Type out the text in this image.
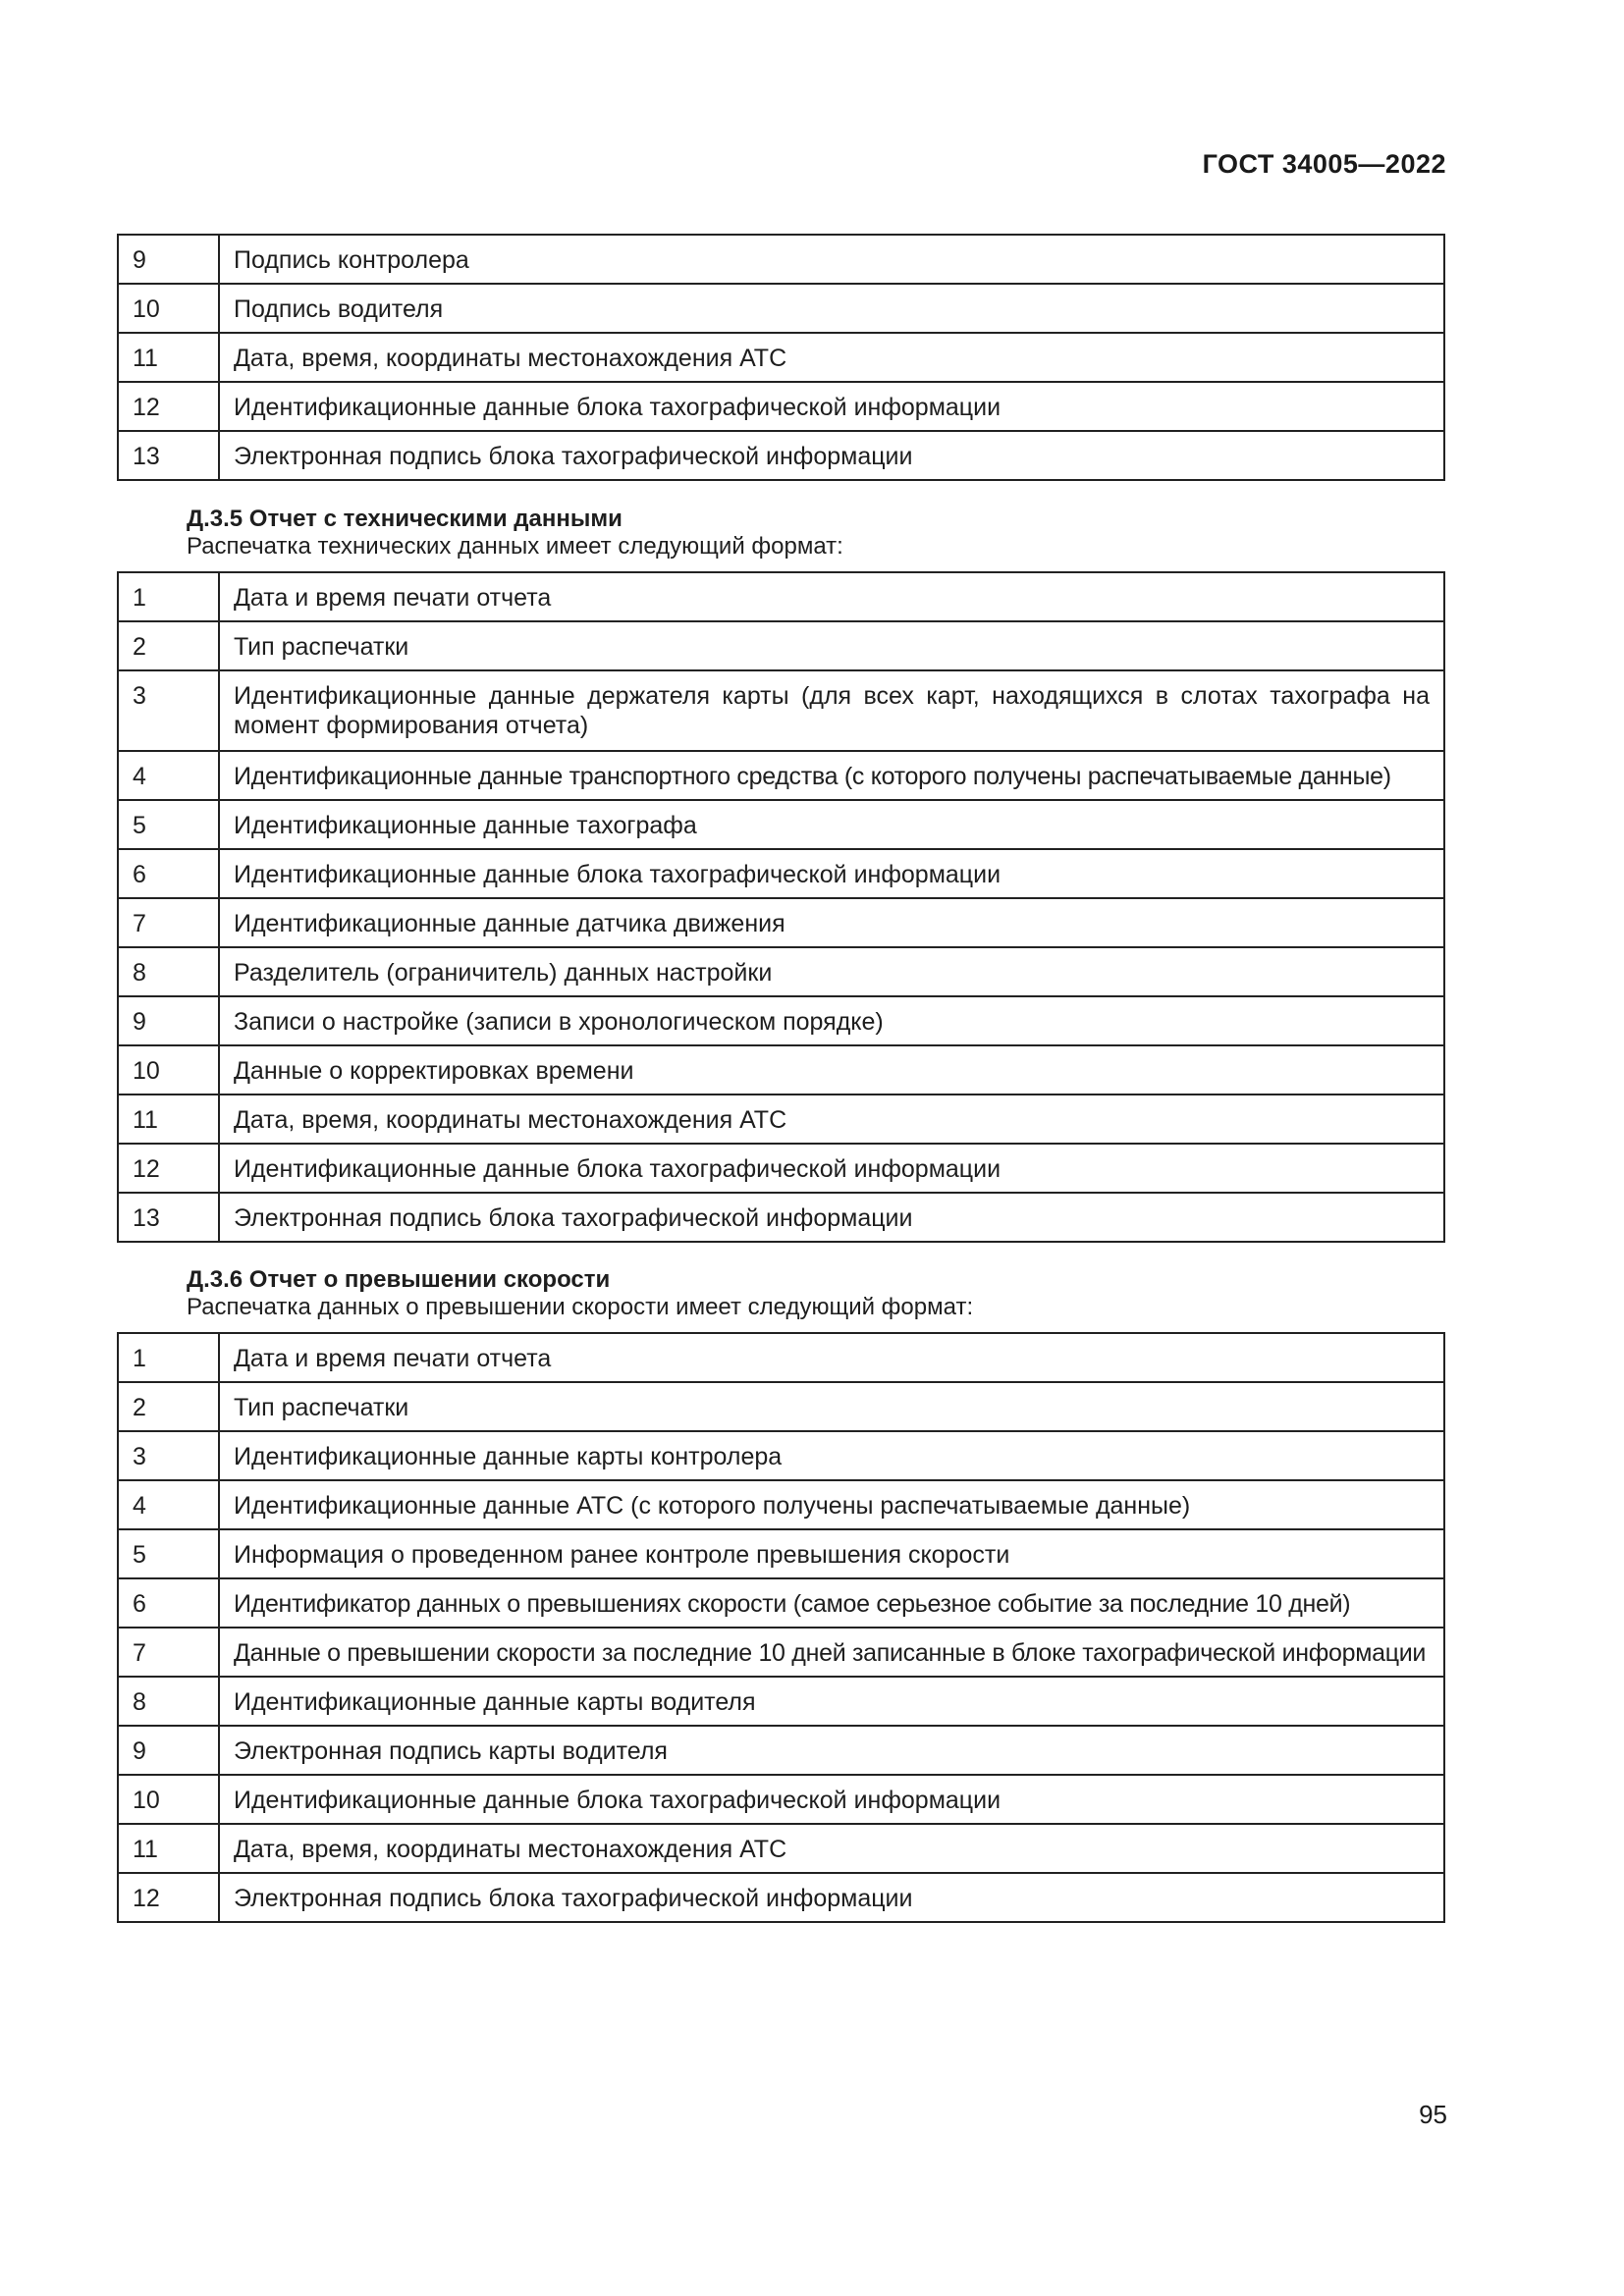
ГОСТ 34005—2022
9	Подпись контролера
10	Подпись водителя
11	Дата, время, координаты местонахождения АТС
12	Идентификационные данные блока тахографической информации
13	Электронная подпись блока тахографической информации
Д.3.5 Отчет с техническими данными
Распечатка технических данных имеет следующий формат:
1	Дата и время печати отчета
2	Тип распечатки
3	Идентификационные данные держателя карты (для всех карт, находящихся в слотах тахографа на момент формирования отчета)
4	Идентификационные данные транспортного средства (с которого получены распечатываемые данные)
5	Идентификационные данные тахографа
6	Идентификационные данные блока тахографической информации
7	Идентификационные данные датчика движения
8	Разделитель (ограничитель) данных настройки
9	Записи о настройке (записи в хронологическом порядке)
10	Данные о корректировках времени
11	Дата, время, координаты местонахождения АТС
12	Идентификационные данные блока тахографической информации
13	Электронная подпись блока тахографической информации
Д.3.6 Отчет о превышении скорости
Распечатка данных о превышении скорости имеет следующий формат:
1	Дата и время печати отчета
2	Тип распечатки
3	Идентификационные данные карты контролера
4	Идентификационные данные АТС (с которого получены распечатываемые данные)
5	Информация о проведенном ранее контроле превышения скорости
6	Идентификатор данных о превышениях скорости (самое серьезное событие за последние 10 дней)
7	Данные о превышении скорости за последние 10 дней записанные в блоке тахографической информации
8	Идентификационные данные карты водителя
9	Электронная подпись карты водителя
10	Идентификационные данные блока тахографической информации
11	Дата, время, координаты местонахождения АТС
12	Электронная подпись блока тахографической информации
95
